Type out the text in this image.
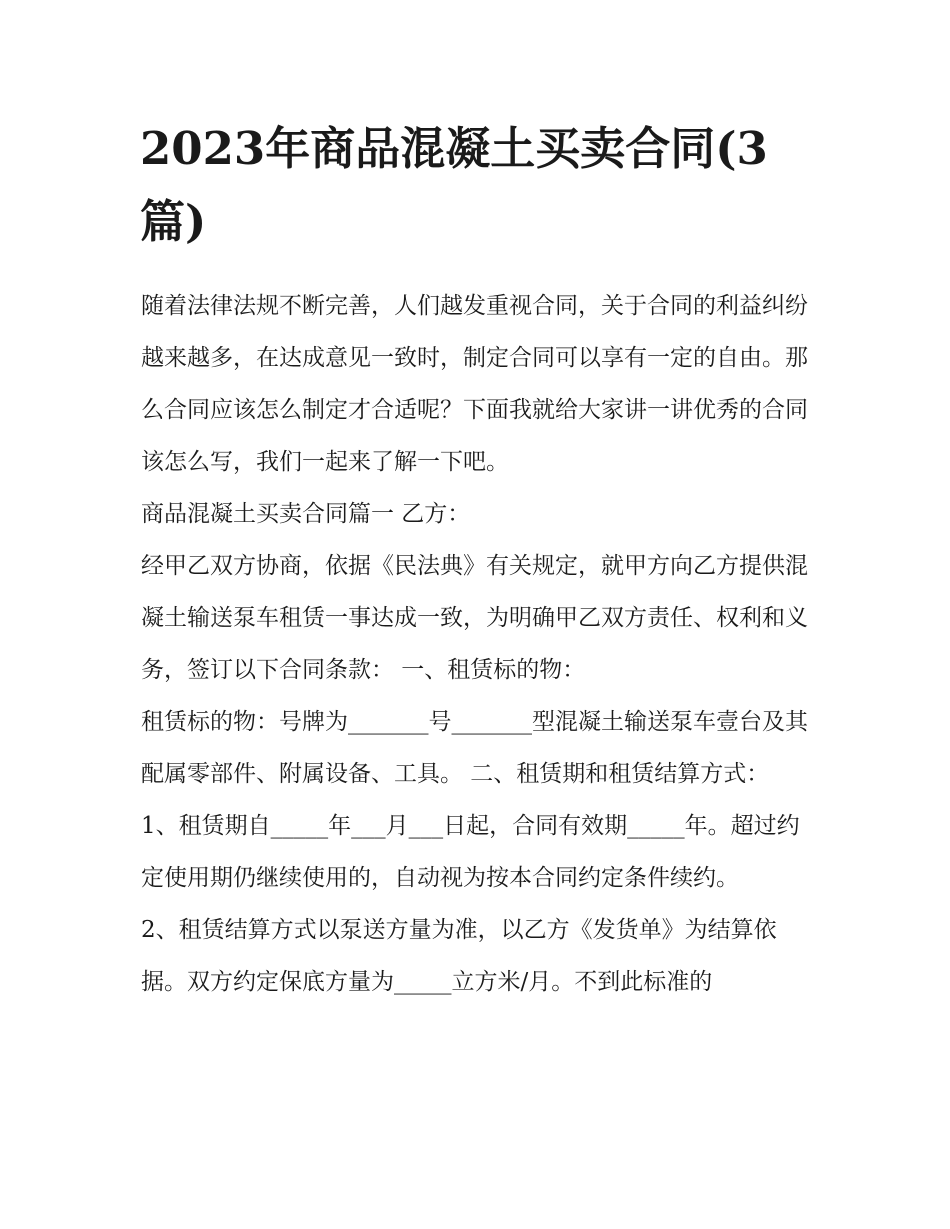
2023年商品混凝土买卖合同(3篇)

随着法律法规不断完善，人们越发重视合同，关于合同的利益纠纷越来越多，在达成意见一致时，制定合同可以享有一定的自由。那么合同应该怎么制定才合适呢？下面我就给大家讲一讲优秀的合同该怎么写，我们一起来了解一下吧。

商品混凝土买卖合同篇一 乙方：

经甲乙双方协商，依据《民法典》有关规定，就甲方向乙方提供混凝土输送泵车租赁一事达成一致，为明确甲乙双方责任、权利和义务，签订以下合同条款： 一、租赁标的物：

租赁标的物：号牌为_______号_______型混凝土输送泵车壹台及其配属零部件、附属设备、工具。 二、租赁期和租赁结算方式：

1、租赁期自_____年___月___日起，合同有效期_____年。超过约定使用期仍继续使用的，自动视为按本合同约定条件续约。

2、租赁结算方式以泵送方量为准，以乙方《发货单》为结算依据。双方约定保底方量为_____立方米/月。不到此标准的
